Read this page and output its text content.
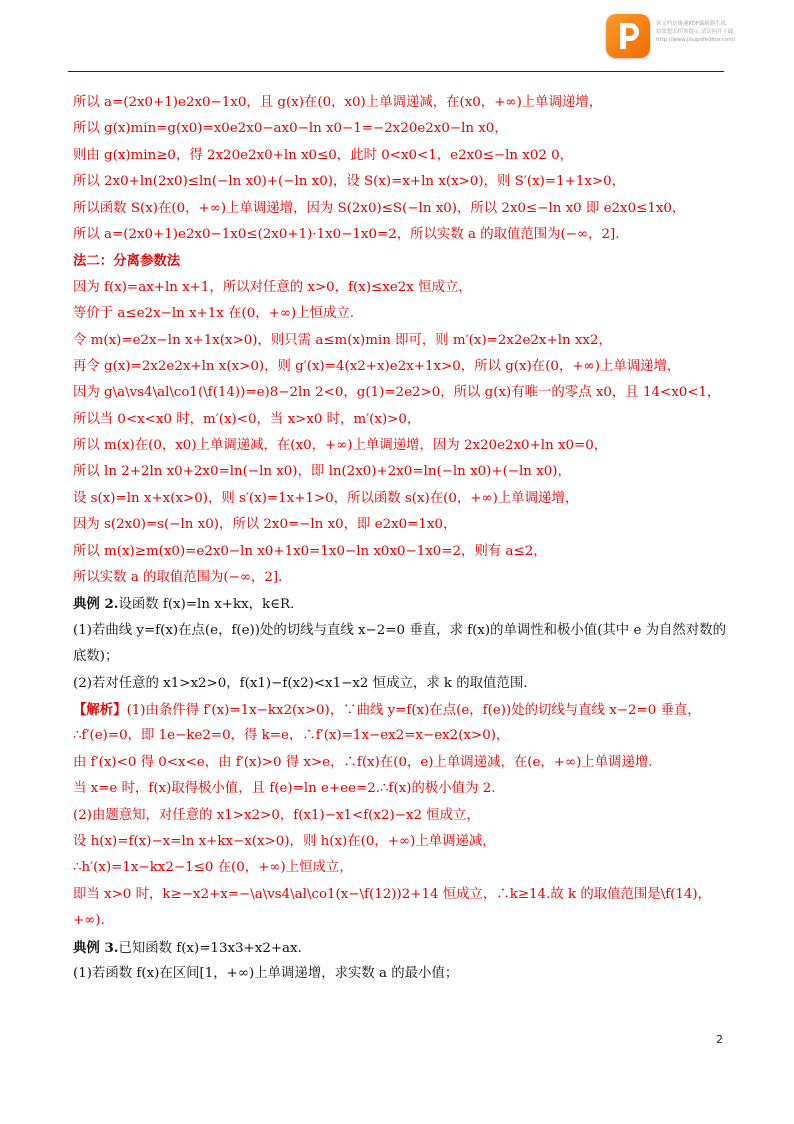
该文档是极速PDF编辑器生成,
如果想去掉该提示,请访问并下载:
http://www.jisupdfeditor.com/
所以 a=(2x0+1)e2x0−1x0，且 g(x)在(0，x0)上单调递减，在(x0，+∞)上单调递增，
所以 g(x)min=g(x0)=x0e2x0−ax0−ln x0−1=−2x20e2x0−ln x0，
则由 g(x)min≥0，得 2x20e2x0+ln x0≤0，此时 0<x0<1，e2x0≤−ln x02 0，
所以 2x0+ln(2x0)≤ln(−ln x0)+(−ln x0)，设 S(x)=x+ln x(x>0)，则 S′(x)=1+1x>0，
所以函数 S(x)在(0，+∞)上单调递增，因为 S(2x0)≤S(−ln x0)，所以 2x0≤−ln x0 即 e2x0≤1x0，
所以 a=(2x0+1)e2x0−1x0≤(2x0+1)·1x0−1x0=2，所以实数 a 的取值范围为(−∞，2].
法二：分离参数法
因为 f(x)=ax+ln x+1，所以对任意的 x>0，f(x)≤xe2x 恒成立，
等价于 a≤e2x−ln x+1x 在(0，+∞)上恒成立.
令 m(x)=e2x−ln x+1x(x>0)，则只需 a≤m(x)min 即可，则 m′(x)=2x2e2x+ln xx2，
再令 g(x)=2x2e2x+ln x(x>0)，则 g′(x)=4(x2+x)e2x+1x>0，所以 g(x)在(0，+∞)上单调递增，
因为 g\a\vs4\al\co1(\f(14))=e)8−2ln 2<0，g(1)=2e2>0，所以 g(x)有唯一的零点 x0，且 14<x0<1，
所以当 0<x<x0 时，m′(x)<0，当 x>x0 时，m′(x)>0，
所以 m(x)在(0，x0)上单调递减，在(x0，+∞)上单调递增，因为 2x20e2x0+ln x0=0，
所以 ln 2+2ln x0+2x0=ln(−ln x0)，即 ln(2x0)+2x0=ln(−ln x0)+(−ln x0)，
设 s(x)=ln x+x(x>0)，则 s′(x)=1x+1>0，所以函数 s(x)在(0，+∞)上单调递增，
因为 s(2x0)=s(−ln x0)，所以 2x0=−ln x0，即 e2x0=1x0，
所以 m(x)≥m(x0)=e2x0−ln x0+1x0=1x0−ln x0x0−1x0=2，则有 a≤2，
所以实数 a 的取值范围为(−∞，2].
典例 2.设函数 f(x)=ln x+kx，k∈R.
(1)若曲线 y=f(x)在点(e，f(e))处的切线与直线 x−2=0 垂直，求 f(x)的单调性和极小值(其中 e 为自然对数的
底数)；
(2)若对任意的 x1>x2>0，f(x1)−f(x2)<x1−x2 恒成立，求 k 的取值范围.
【解析】(1)由条件得 f′(x)=1x−kx2(x>0)，∵曲线 y=f(x)在点(e，f(e))处的切线与直线 x−2=0 垂直，
∴f′(e)=0，即 1e−ke2=0，得 k=e，∴f′(x)=1x−ex2=x−ex2(x>0)，
由 f′(x)<0 得 0<x<e，由 f′(x)>0 得 x>e，∴f(x)在(0，e)上单调递减，在(e，+∞)上单调递增.
当 x=e 时，f(x)取得极小值，且 f(e)=ln e+ee=2.∴f(x)的极小值为 2.
(2)由题意知，对任意的 x1>x2>0，f(x1)−x1<f(x2)−x2 恒成立，
设 h(x)=f(x)−x=ln x+kx−x(x>0)，则 h(x)在(0，+∞)上单调递减，
∴h′(x)=1x−kx2−1≤0 在(0，+∞)上恒成立，
即当 x>0 时，k≥−x2+x=−\a\vs4\al\co1(x−\f(12))2+14 恒成立，∴k≥14.故 k 的取值范围是\f(14)，
+∞).
典例 3.已知函数 f(x)=13x3+x2+ax.
(1)若函数 f(x)在区间[1，+∞)上单调递增，求实数 a 的最小值；
2
